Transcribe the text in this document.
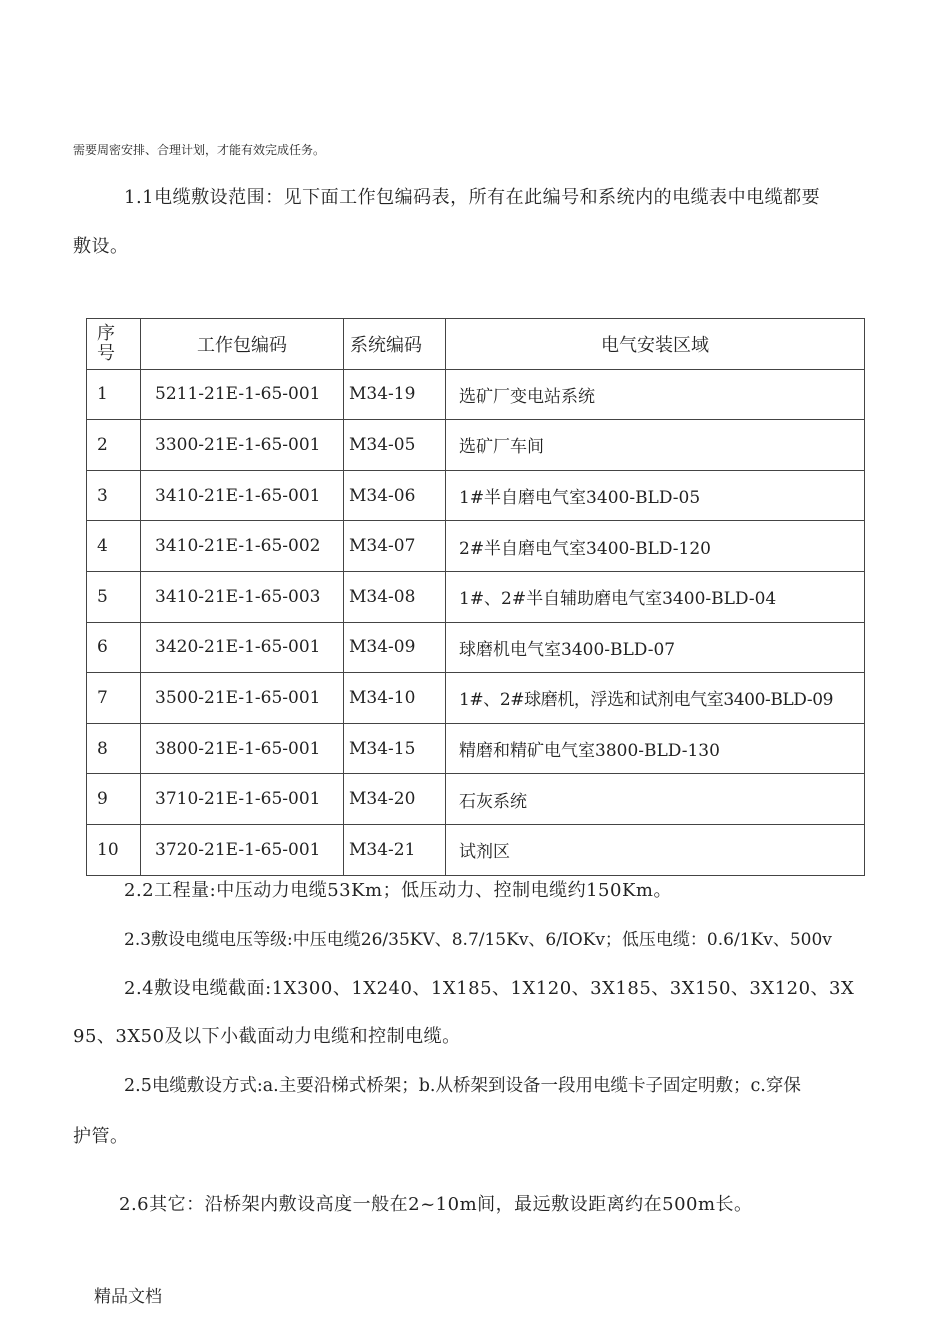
需要周密安排、合理计划，才能有效完成任务。
1.1电缆敷设范围：见下面工作包编码表，所有在此编号和系统内的电缆表中电缆都要
敷设。
序号	工作包编码	系统编码	电气安装区域
1	5211-21E-1-65-001	M34-19	选矿厂变电站系统
2	3300-21E-1-65-001	M34-05	选矿厂车间
3	3410-21E-1-65-001	M34-06	1#半自磨电气室3400-BLD-05
4	3410-21E-1-65-002	M34-07	2#半自磨电气室3400-BLD-120
5	3410-21E-1-65-003	M34-08	1#、2#半自辅助磨电气室3400-BLD-04
6	3420-21E-1-65-001	M34-09	球磨机电气室3400-BLD-07
7	3500-21E-1-65-001	M34-10	1#、2#球磨机，浮选和试剂电气室3400-BLD-09
8	3800-21E-1-65-001	M34-15	精磨和精矿电气室3800-BLD-130
9	3710-21E-1-65-001	M34-20	石灰系统
10	3720-21E-1-65-001	M34-21	试剂区
2.2工程量:中压动力电缆53Km；低压动力、控制电缆约150Km。
2.3敷设电缆电压等级:中压电缆26/35KV、8.7/15Kv、6/IOKv；低压电缆：0.6/1Kv、500v
2.4敷设电缆截面:1X300、1X240、1X185、1X120、3X185、3X150、3X120、3X
95、3X50及以下小截面动力电缆和控制电缆。
2.5电缆敷设方式:a.主要沿梯式桥架；b.从桥架到设备一段用电缆卡子固定明敷；c.穿保
护管。
2.6其它：沿桥架内敷设高度一般在2~10m间，最远敷设距离约在500m长。
精品文档
